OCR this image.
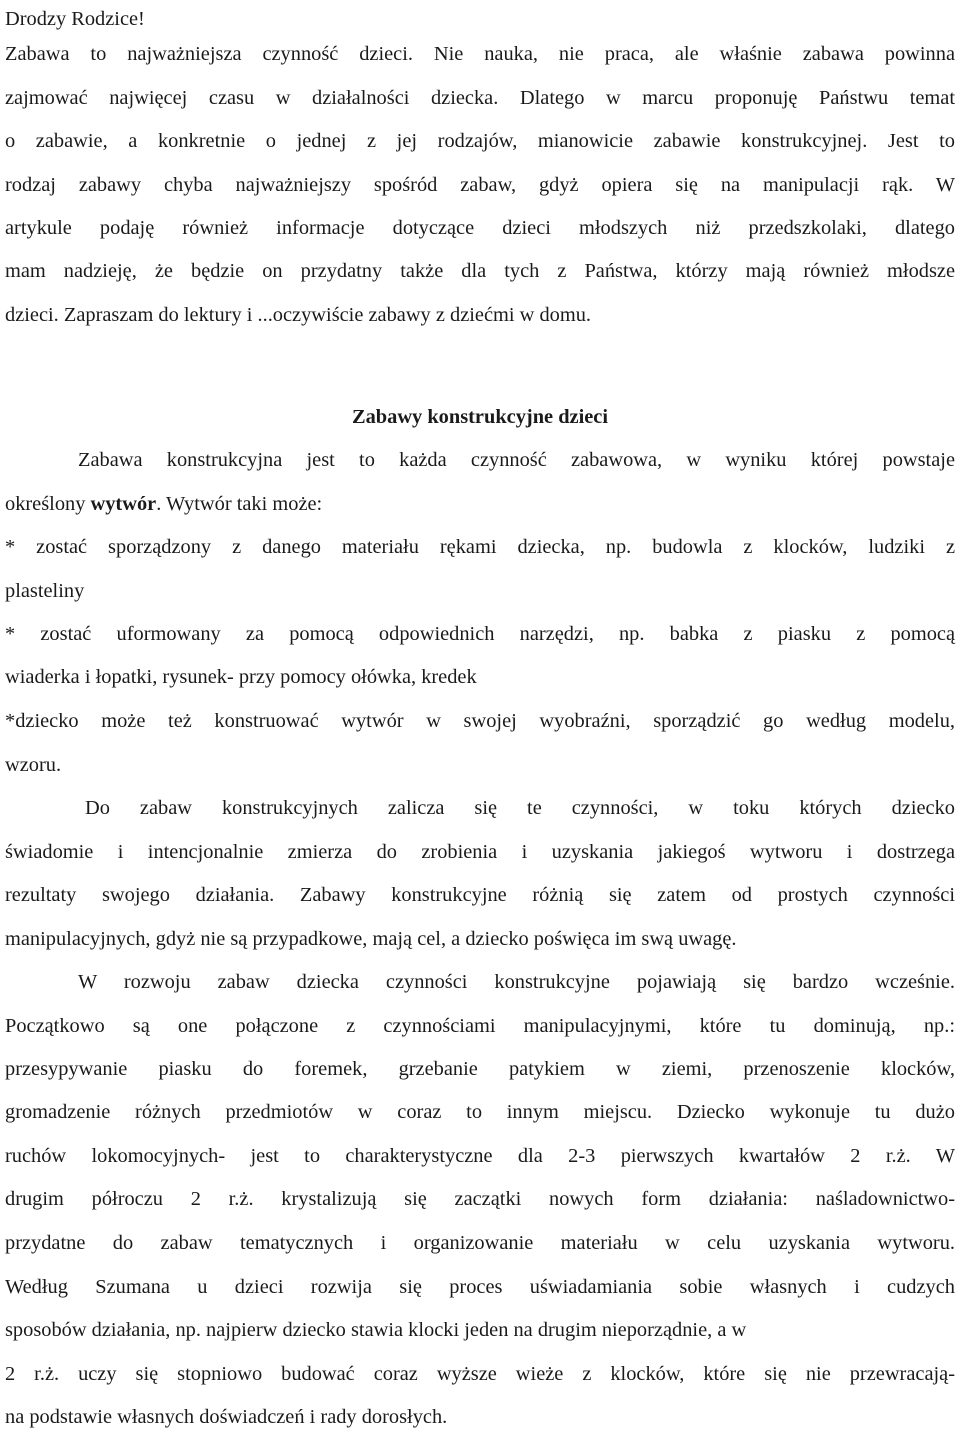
Drodzy Rodzice!

Zabawa to najważniejsza czynność dzieci. Nie nauka, nie praca, ale właśnie zabawa powinna

zajmować najwięcej czasu w działalności dziecka. Dlatego w marcu proponuję Państwu temat

o zabawie, a konkretnie o jednej z jej rodzajów, mianowicie zabawie konstrukcyjnej. Jest to

rodzaj zabawy chyba najważniejszy spośród zabaw, gdyż opiera się na manipulacji rąk. W

artykule podaję również informacje dotyczące dzieci młodszych niż przedszkolaki, dlatego

mam nadzieję, że będzie on przydatny także dla tych z Państwa, którzy mają również młodsze

dzieci. Zapraszam do lektury i ...oczywiście zabawy z dziećmi w domu.

Zabawy konstrukcyjne dzieci

Zabawa konstrukcyjna jest to każda czynność zabawowa, w wyniku której powstaje

określony wytwór. Wytwór taki może:

* zostać sporządzony z danego materiału rękami dziecka, np. budowla z klocków, ludziki z

plasteliny

* zostać uformowany za pomocą odpowiednich narzędzi, np. babka z piasku z pomocą

wiaderka i łopatki, rysunek- przy pomocy ołówka, kredek

*dziecko może też konstruować wytwór w swojej wyobraźni, sporządzić go według modelu,

wzoru.

Do zabaw konstrukcyjnych zalicza się te czynności, w toku których dziecko

świadomie i intencjonalnie zmierza do zrobienia i uzyskania jakiegoś wytworu i dostrzega

rezultaty swojego działania. Zabawy konstrukcyjne różnią się zatem od prostych czynności

manipulacyjnych, gdyż nie są przypadkowe, mają cel, a dziecko poświęca im swą uwagę.

W rozwoju zabaw dziecka czynności konstrukcyjne pojawiają się bardzo wcześnie.

Początkowo są one połączone z czynnościami manipulacyjnymi, które tu dominują, np.:

przesypywanie piasku do foremek, grzebanie patykiem w ziemi, przenoszenie klocków,

gromadzenie różnych przedmiotów w coraz to innym miejscu. Dziecko wykonuje tu dużo

ruchów lokomocyjnych- jest to charakterystyczne dla 2-3 pierwszych kwartałów 2 r.ż. W

drugim półroczu 2 r.ż. krystalizują się zaczątki nowych form działania: naśladownictwo-

przydatne do zabaw tematycznych i organizowanie materiału w celu uzyskania wytworu.

Według Szumana u dzieci rozwija się proces uświadamiania sobie własnych i cudzych

sposobów działania, np. najpierw dziecko stawia klocki jeden na drugim nieporządnie, a w

2 r.ż. uczy się stopniowo budować coraz wyższe wieże z klocków, które się nie przewracają-

na podstawie własnych doświadczeń i rady dorosłych.
